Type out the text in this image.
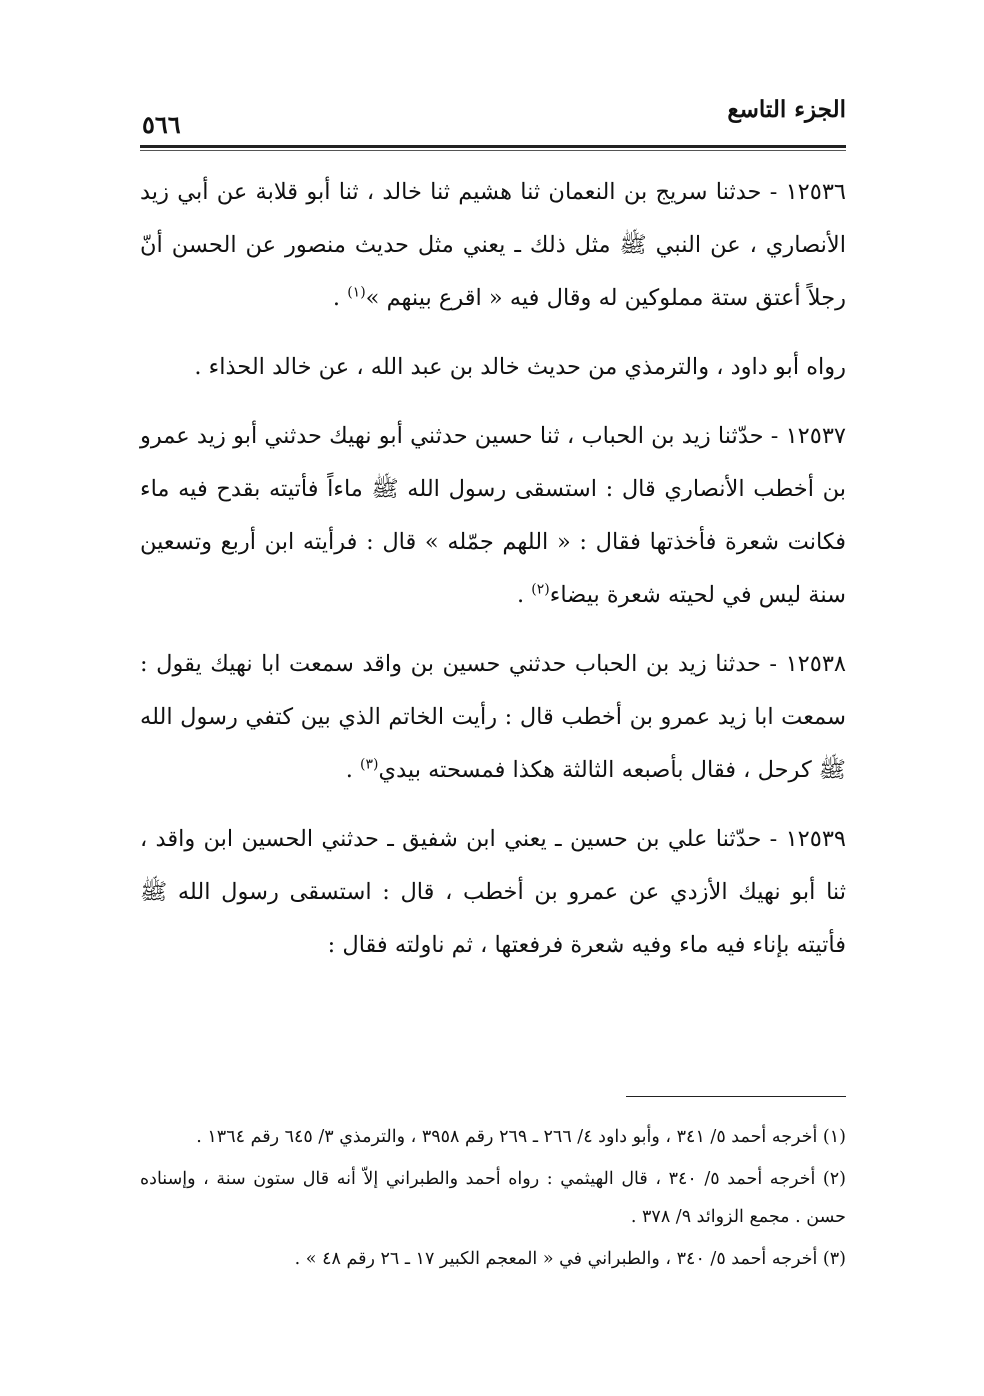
الجزء التاسع
٥٦٦

١٢٥٣٦ - حدثنا سريج بن النعمان ثنا هشيم ثنا خالد ، ثنا أبو قلابة عن أبي زيد الأنصاري ، عن النبي ﷺ مثل ذلك ـ يعني مثل حديث منصور عن الحسن أنّ رجلاً أعتق ستة مملوكين له وقال فيه « اقرع بينهم »$^{(١)}$ .

رواه أبو داود ، والترمذي من حديث خالد بن عبد الله ، عن خالد الحذاء .

١٢٥٣٧ - حدّثنا زيد بن الحباب ، ثنا حسين حدثني أبو نهيك حدثني أبو زيد عمرو بن أخطب الأنصاري قال : استسقى رسول الله ﷺ ماءاً فأتيته بقدح فيه ماء فكانت شعرة فأخذتها فقال : « اللهم جمّله » قال : فرأيته ابن أربع وتسعين سنة ليس في لحيته شعرة بيضاء$^{(٢)}$ .

١٢٥٣٨ - حدثنا زيد بن الحباب حدثني حسين بن واقد سمعت ابا نهيك يقول : سمعت ابا زيد عمرو بن أخطب قال : رأيت الخاتم الذي بين كتفي رسول الله ﷺ كرحل ، فقال بأصبعه الثالثة هكذا فمسحته بيدي$^{(٣)}$ .

١٢٥٣٩ - حدّثنا علي بن حسين ـ يعني ابن شفيق ـ حدثني الحسين ابن واقد ، ثنا أبو نهيك الأزدي عن عمرو بن أخطب ، قال : استسقى رسول الله ﷺ فأتيته بإناء فيه ماء وفيه شعرة فرفعتها ، ثم ناولته فقال :

(١) أخرجه أحمد ٥/ ٣٤١ ، وأبو داود ٤/ ٢٦٦ ـ ٢٦٩ رقم ٣٩٥٨ ، والترمذي ٣/ ٦٤٥ رقم ١٣٦٤ .

(٢) أخرجه أحمد ٥/ ٣٤٠ ، قال الهيثمي : رواه أحمد والطبراني إلاّ أنه قال ستون سنة ، وإسناده حسن . مجمع الزوائد ٩/ ٣٧٨ .

(٣) أخرجه أحمد ٥/ ٣٤٠ ، والطبراني في « المعجم الكبير ١٧ ـ ٢٦ رقم ٤٨ » .
